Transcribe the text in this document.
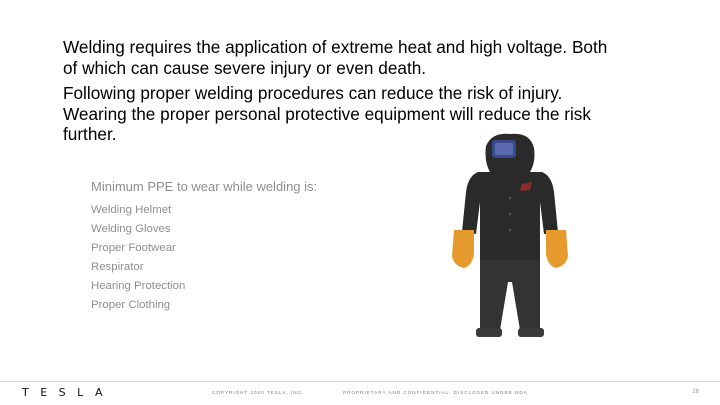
Welding requires the application of extreme heat and high voltage. Both of which can cause severe injury or even death.

Following proper welding procedures can reduce the risk of injury. Wearing the proper personal protective equipment will reduce the risk further.

Minimum PPE to wear while welding is:
Welding Helmet
Welding Gloves
Proper Footwear
Respirator
Hearing Protection
Proper Clothing
TESLA	COPYRIGHT 2020 TESLA, INC.	PROPRIETARY AND CONFIDENTIAL. DISCLOSED UNDER NDA	26
